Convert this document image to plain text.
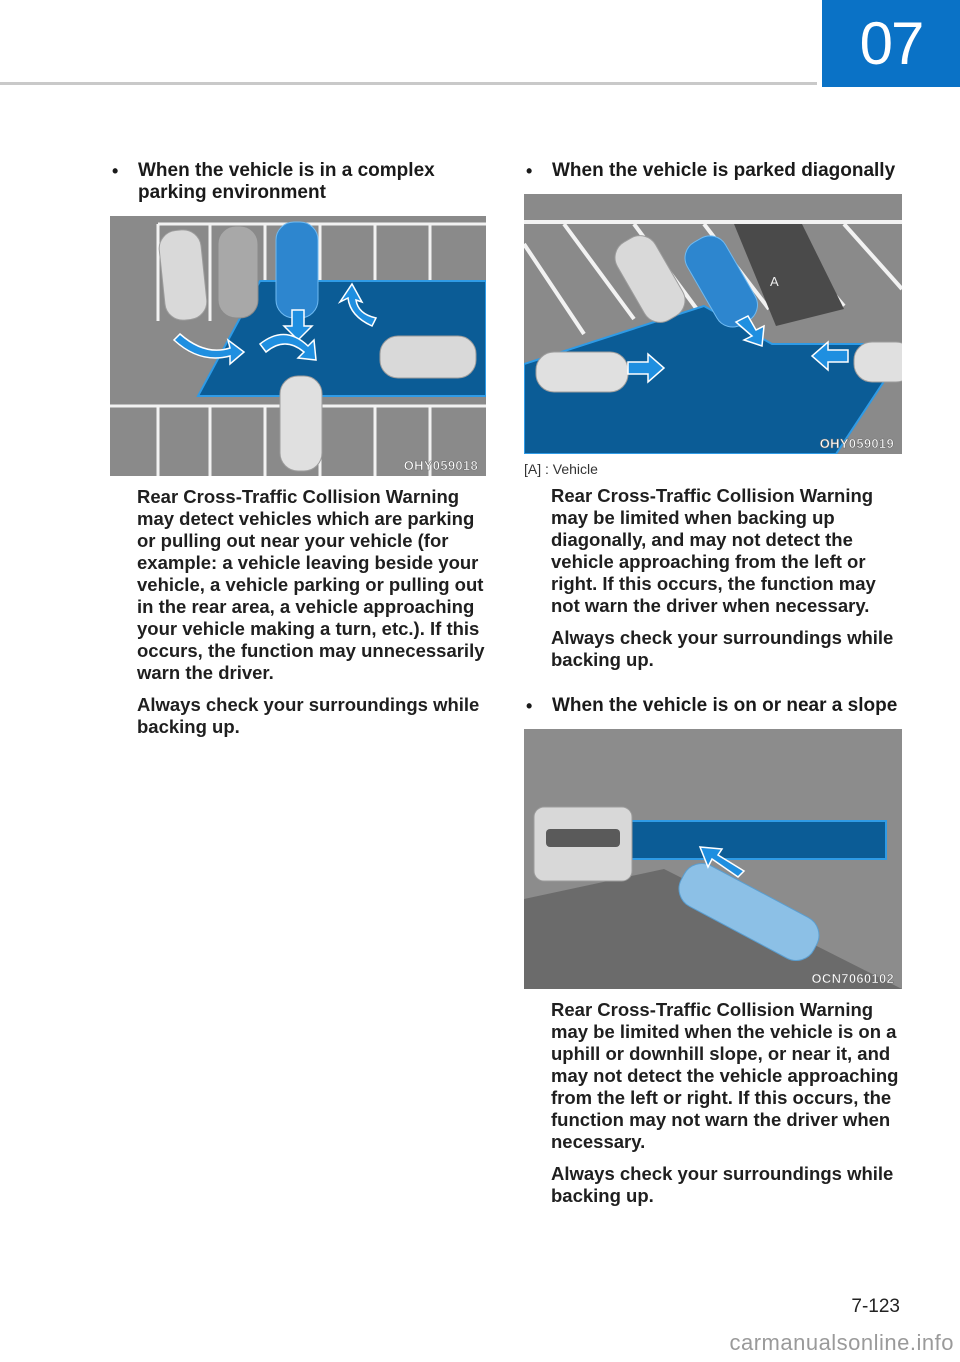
07
• When the vehicle is in a complex parking environment
OHY059018

Rear Cross-Traffic Collision Warning may detect vehicles which are parking or pulling out near your vehicle (for example: a vehicle leaving beside your vehicle, a vehicle parking or pulling out in the rear area, a vehicle approaching your vehicle making a turn, etc.). If this occurs, the function may unnecessarily warn the driver.

Always check your surroundings while backing up.

• When the vehicle is parked diagonally
A
OHY059019
[A] : Vehicle

Rear Cross-Traffic Collision Warning may be limited when backing up diagonally, and may not detect the vehicle approaching from the left or right. If this occurs, the function may not warn the driver when necessary.

Always check your surroundings while backing up.

• When the vehicle is on or near a slope
OCN7060102

Rear Cross-Traffic Collision Warning may be limited when the vehicle is on a uphill or downhill slope, or near it, and may not detect the vehicle approaching from the left or right. If this occurs, the function may not warn the driver when necessary.

Always check your surroundings while backing up.

7-123
carmanualsonline.info
